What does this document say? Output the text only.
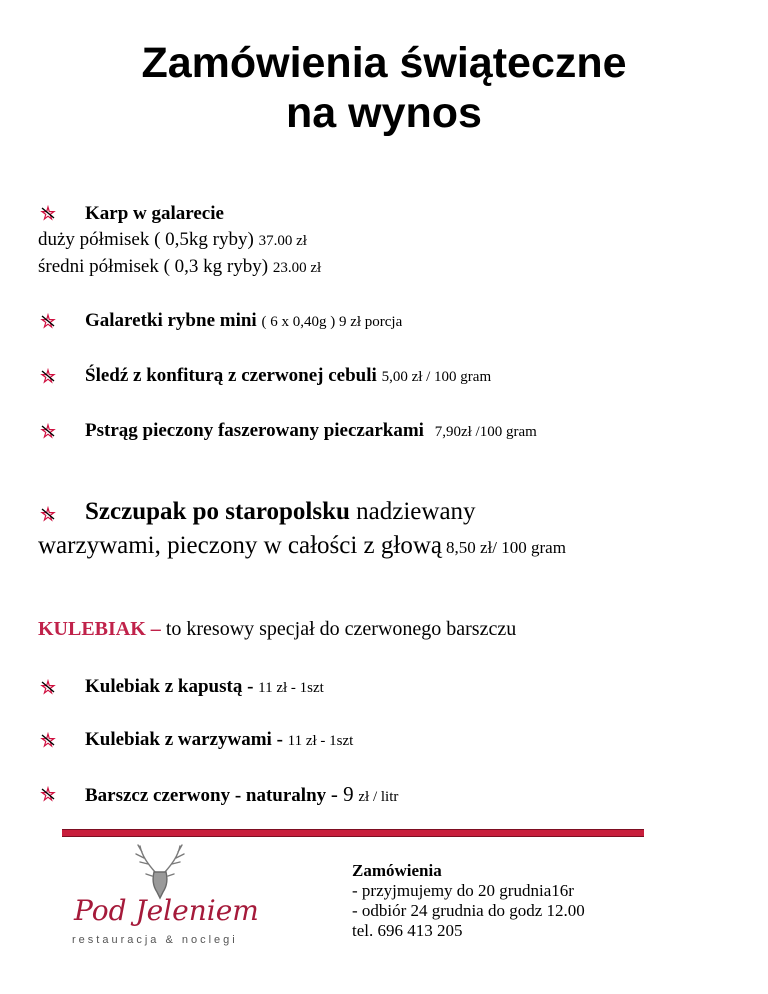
Zamówienia świąteczne
na wynos
Karp w galarecie
duży półmisek ( 0,5kg ryby) 37.00 zł
średni półmisek ( 0,3 kg ryby) 23.00 zł
Galaretki rybne mini ( 6 x 0,40g ) 9 zł porcja
Śledź z konfiturą z czerwonej cebuli 5,00 zł / 100 gram
Pstrąg pieczony faszerowany pieczarkami 7,90zł /100 gram
Szczupak po staropolsku nadziewany
warzywami, pieczony w całości z głową 8,50 zł/ 100 gram
KULEBIAK – to kresowy specjał do czerwonego barszczu
Kulebiak z kapustą - 11 zł - 1szt
Kulebiak z warzywami - 11 zł - 1szt
Barszcz czerwony - naturalny - 9 zł / litr
Pod Jeleniem
restauracja & noclegi
Zamówienia
- przyjmujemy do 20 grudnia16r
- odbiór 24 grudnia do godz 12.00
tel. 696 413 205
